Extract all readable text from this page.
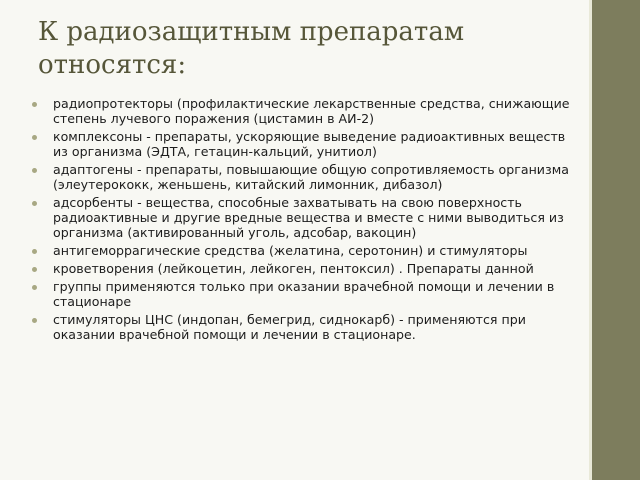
К радиозащитным препаратам относятся:
радиопротекторы (профилактические лекарственные средства, снижающие степень лучевого поражения (цистамин в АИ-2)
комплексоны - препараты, ускоряющие выведение радиоактивных веществ из организма (ЭДТА, гетацин-кальций, унитиол)
адаптогены - препараты, повышающие общую сопротивляемость организма (элеутерококк, женьшень, китайский лимонник, дибазол)
адсорбенты - вещества, способные захватывать на свою поверхность радиоактивные и другие вредные вещества и вместе с ними выводиться из организма (активированный уголь, адсобар, вакоцин)
антигеморрагические средства (желатина, серотонин) и стимуляторы
кроветворения (лейкоцетин, лейкоген, пентоксил) . Препараты данной
группы применяются только при оказании врачебной помощи и лечении в стационаре
стимуляторы ЦНС (индопан, бемегрид, сиднокарб) - применяются при оказании врачебной помощи и лечении в стационаре.
